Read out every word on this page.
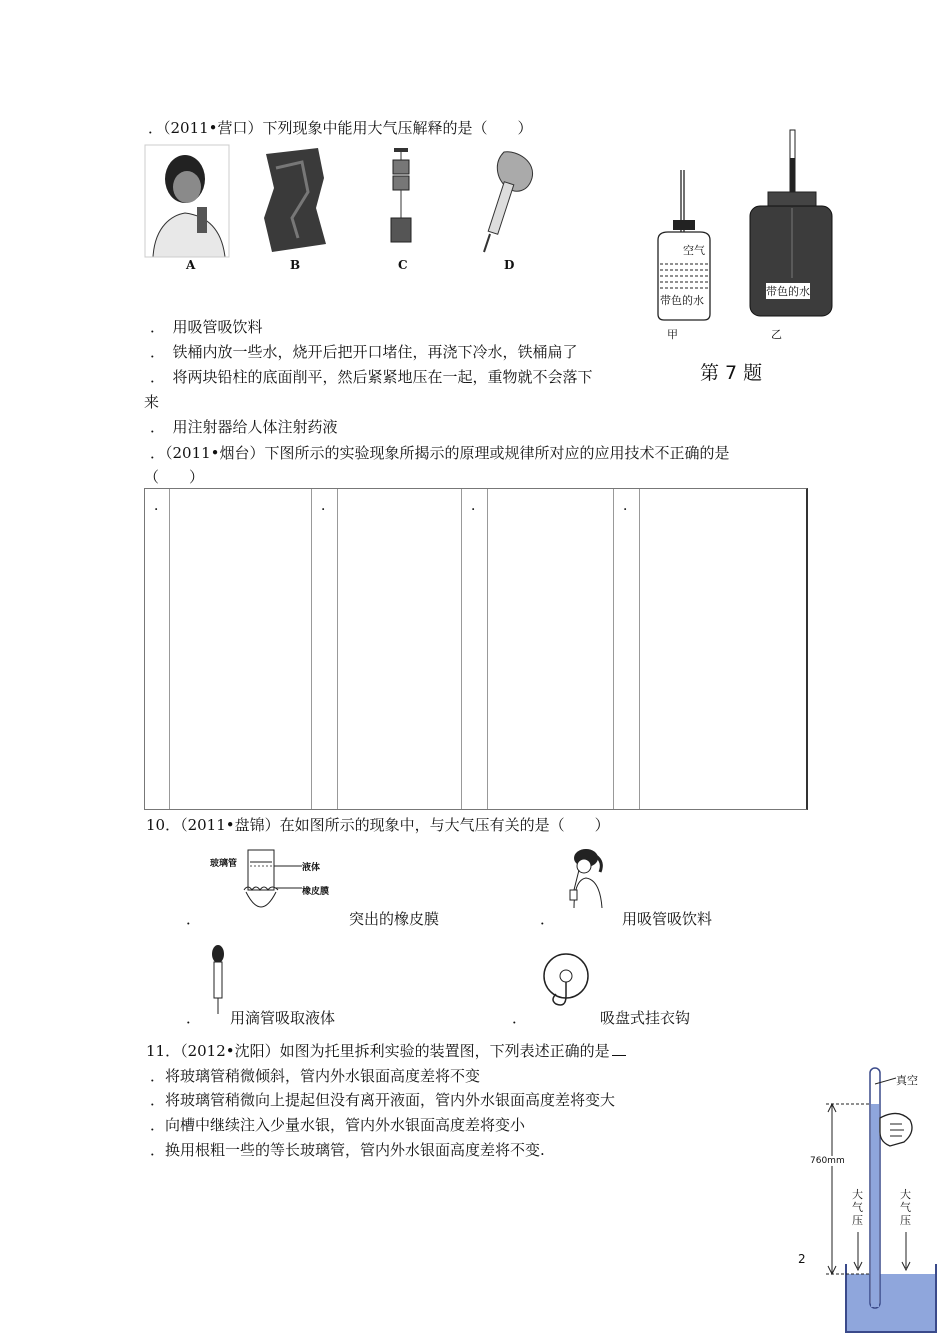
．（2011•营口）下列现象中能用大气压解释的是（　　）
A	B	C	D
．　用吸管吸饮料
．　铁桶内放一些水，烧开后把开口堵住，再浇下冷水，铁桶扁了
．　将两块铅柱的底面削平，然后紧紧地压在一起，重物就不会落下
来
．　用注射器给人体注射药液
空气
带色的水
带色的水
甲	乙
第 7 题
．（2011•烟台）下图所示的实验现象所揭示的原理或规律所对应的应用技术不正确的是
（　　）
．	．	．	．
10．（2011•盘锦）在如图所示的现象中，与大气压有关的是（　　）
玻璃管	液体
橡皮膜
．	突出的橡皮膜	．	用吸管吸饮料
． 用滴管吸取液体	．	吸盘式挂衣钩
11．（2012•沈阳）如图为托里拆利实验的装置图，下列表述正确的是
．将玻璃管稍微倾斜，管内外水银面高度差将不变
．将玻璃管稍微向上提起但没有离开液面，管内外水银面高度差将变大
．向槽中继续注入少量水银，管内外水银面高度差将变小
．换用根粗一些的等长玻璃管，管内外水银面高度差将不变.
真空
760mm
大气压
大气压
2
